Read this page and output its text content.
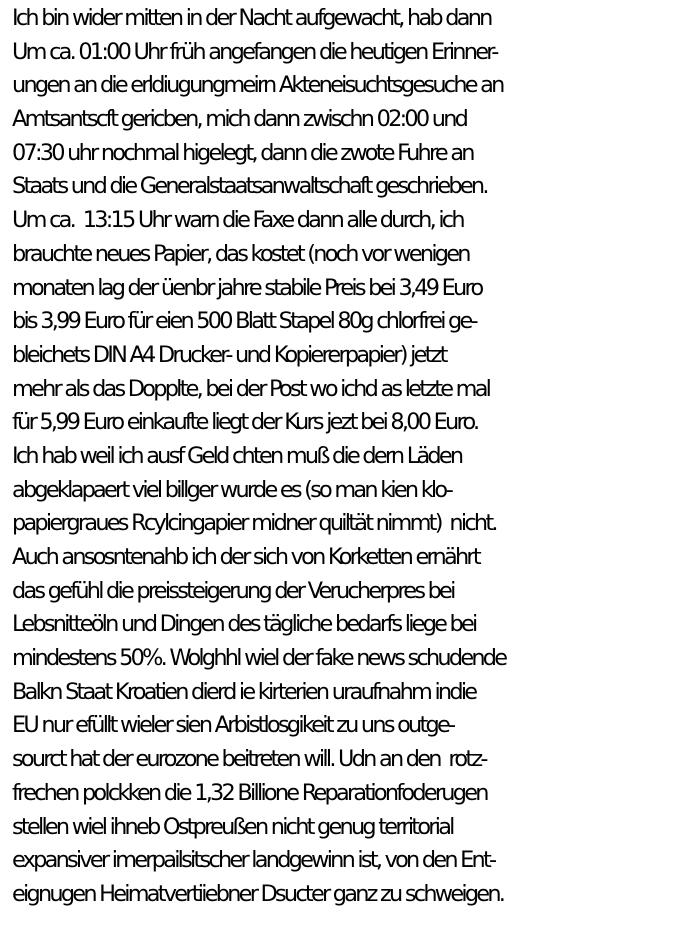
Ich bin wider mitten in der Nacht aufgewacht, hab dann
Um ca. 01:00 Uhr früh angefangen die heutigen Erinner-
ungen an die erldiugungmeirn Akteneisuchtsgesuche an
Amtsantscft gericben, mich dann zwischn 02:00 und
07:30 uhr nochmal higelegt, dann die zwote Fuhre an
Staats und die Generalstaatsanwaltschaft geschrieben.
Um ca.  13:15 Uhr warn die Faxe dann alle durch, ich
brauchte neues Papier, das kostet (noch vor wenigen
monaten lag der üenbr jahre stabile Preis bei 3,49 Euro
bis 3,99 Euro für eien 500 Blatt Stapel 80g chlorfrei ge-
bleichets DIN A4 Drucker- und Kopiererpapier) jetzt
mehr als das Dopplte, bei der Post wo ichd as letzte mal
für 5,99 Euro einkaufte liegt der Kurs jezt bei 8,00 Euro.
Ich hab weil ich ausf Geld chten muß die dern Läden
abgeklapaert viel billger wurde es (so man kien klo-
papiergraues Rcylcingapier midner quiltät nimmt)  nicht.
Auch ansosntenahb ich der sich von Korketten ernährt
das gefühl die preissteigerung der Verucherpres bei
Lebsnitteöln und Dingen des tägliche bedarfs liege bei
mindestens 50%. Wolghhl wiel der fake news schudende
Balkn Staat Kroatien dierd ie kirterien uraufnahm indie
EU nur efüllt wieler sien Arbistlosgikeit zu uns outge-
sourct hat der eurozone beitreten will. Udn an den  rotz-
frechen polckken die 1,32 Billione Reparationfoderugen
stellen wiel ihneb Ostpreußen nicht genug territorial
expansiver imerpailsitscher landgewinn ist, von den Ent-
eignugen Heimatvertiiebner Dsucter ganz zu schweigen.
